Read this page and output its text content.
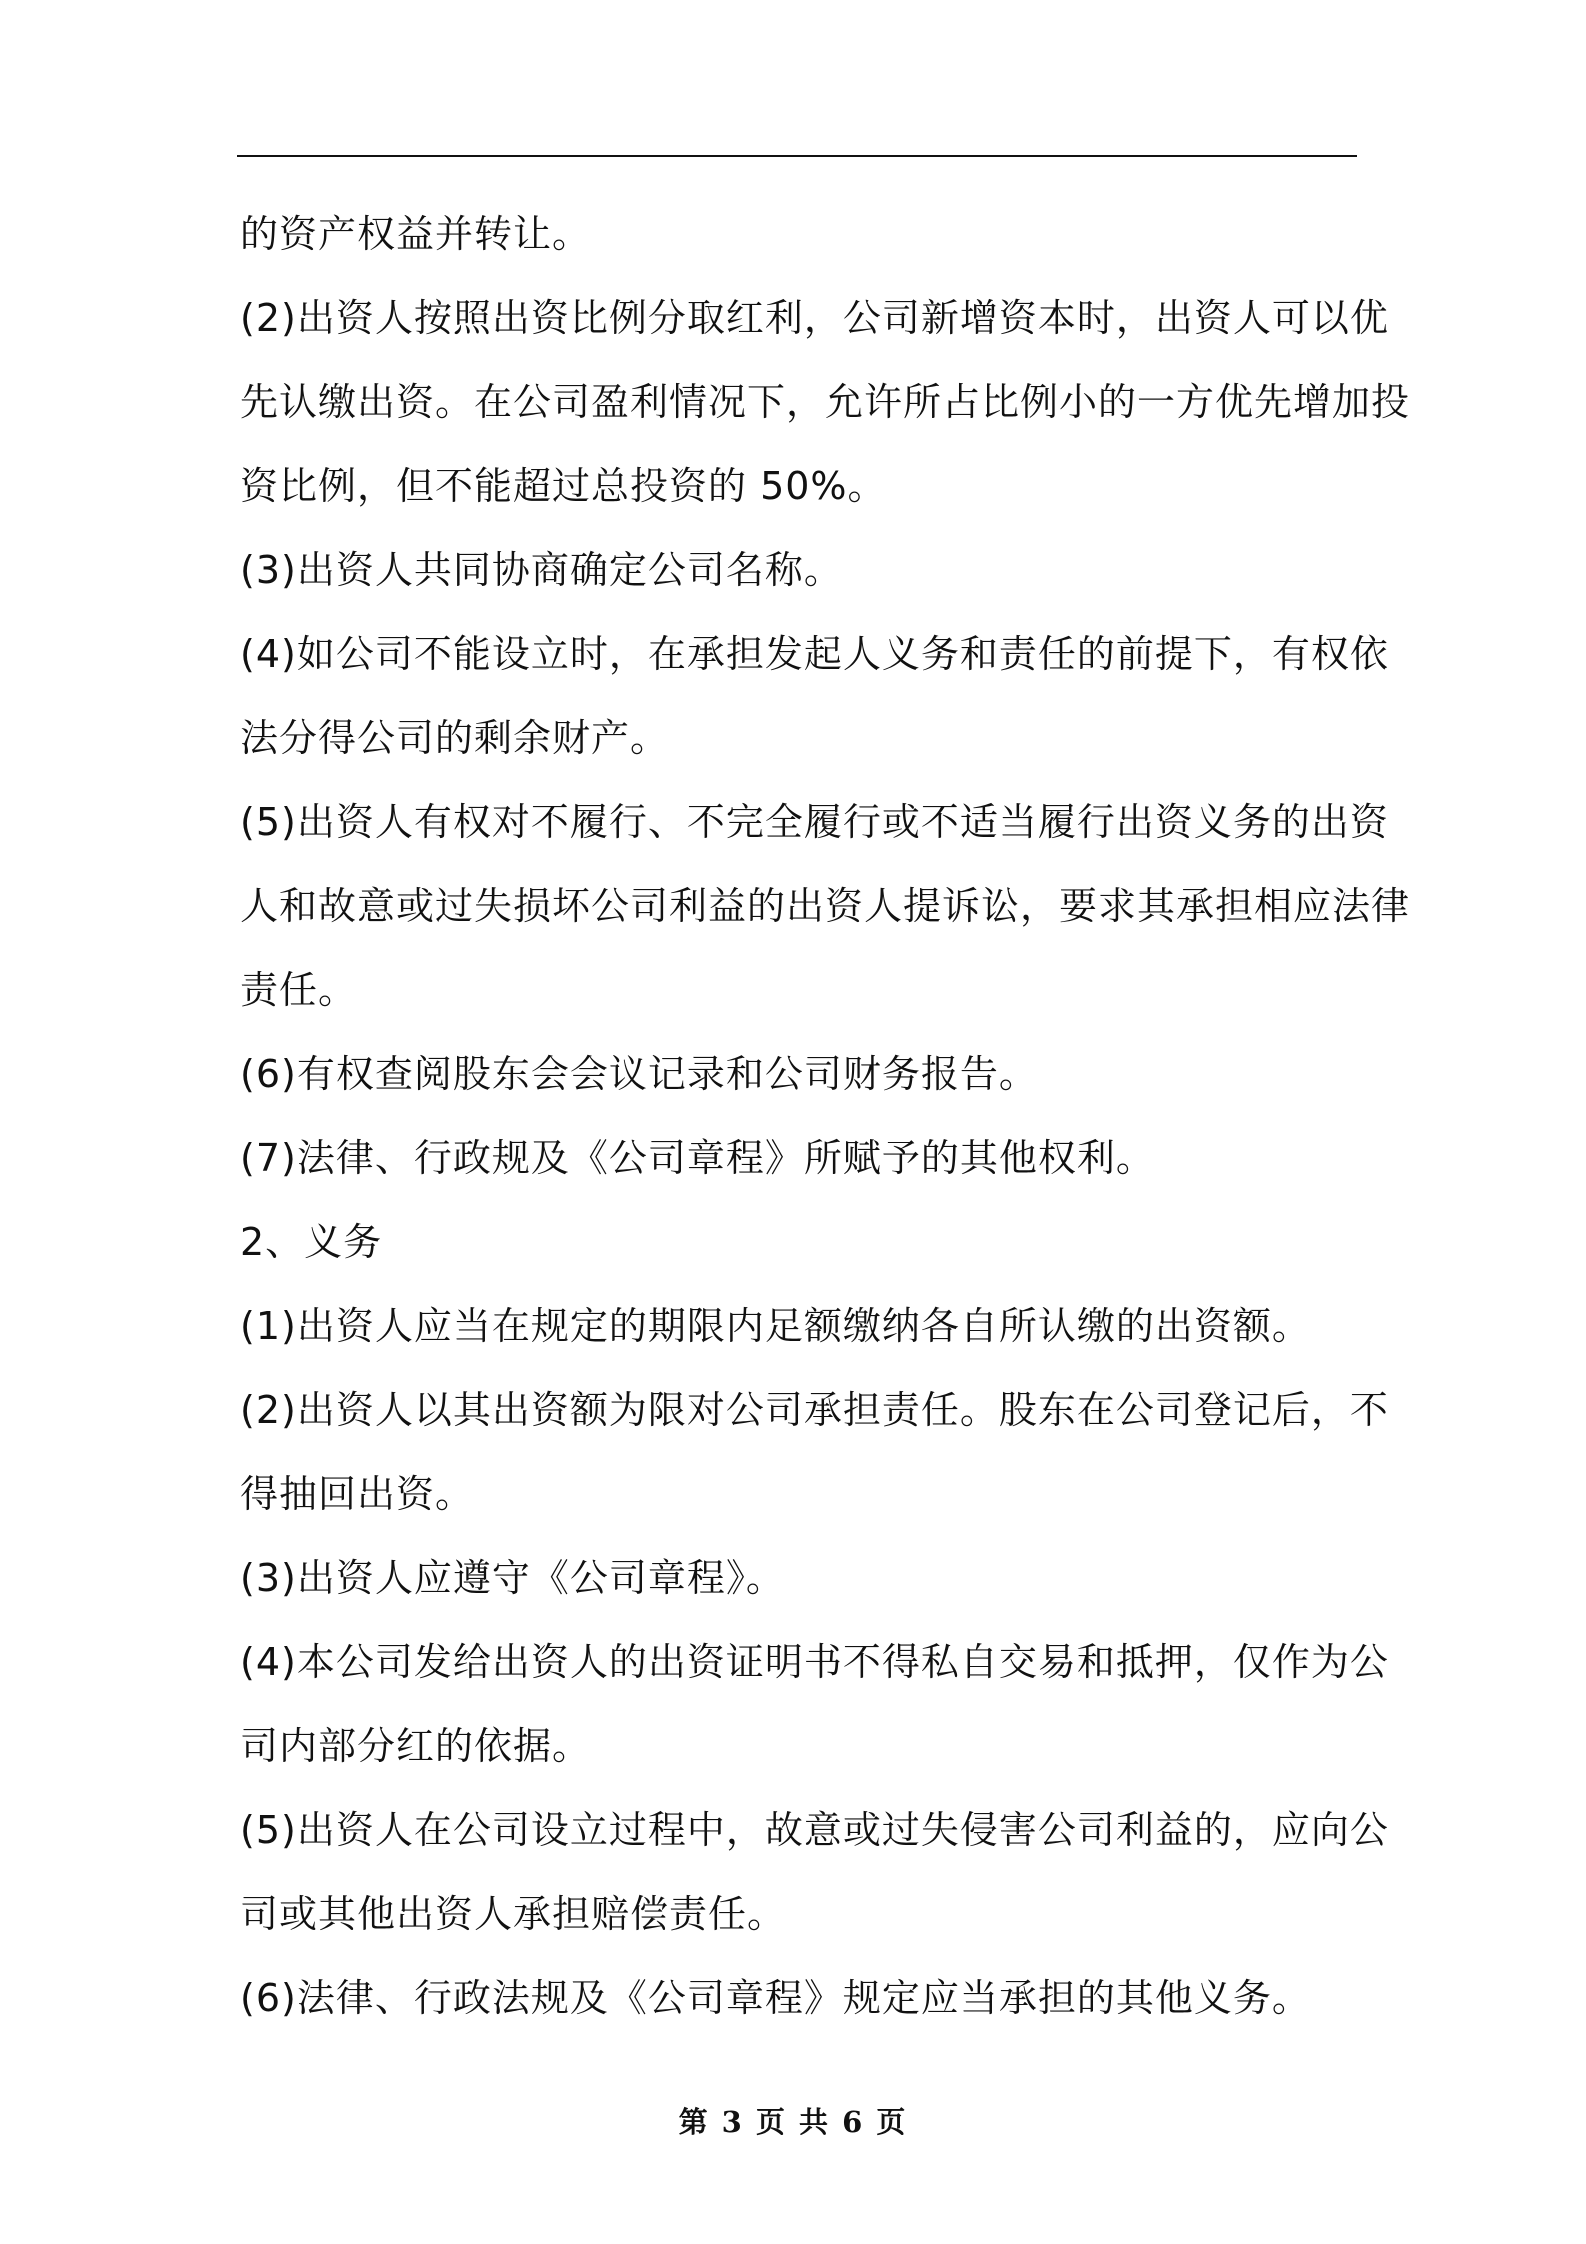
的资产权益并转让。
(2)出资人按照出资比例分取红利，公司新增资本时，出资人可以优
先认缴出资。在公司盈利情况下，允许所占比例小的一方优先增加投
资比例，但不能超过总投资的 50%。
(3)出资人共同协商确定公司名称。
(4)如公司不能设立时，在承担发起人义务和责任的前提下，有权依
法分得公司的剩余财产。
(5)出资人有权对不履行、不完全履行或不适当履行出资义务的出资
人和故意或过失损坏公司利益的出资人提诉讼，要求其承担相应法律
责任。
(6)有权查阅股东会会议记录和公司财务报告。
(7)法律、行政规及《公司章程》所赋予的其他权利。
2、义务
(1)出资人应当在规定的期限内足额缴纳各自所认缴的出资额。
(2)出资人以其出资额为限对公司承担责任。股东在公司登记后，不
得抽回出资。
(3)出资人应遵守《公司章程》。
(4)本公司发给出资人的出资证明书不得私自交易和抵押，仅作为公
司内部分红的依据。
(5)出资人在公司设立过程中，故意或过失侵害公司利益的，应向公
司或其他出资人承担赔偿责任。
(6)法律、行政法规及《公司章程》规定应当承担的其他义务。
第 3 页 共 6 页
